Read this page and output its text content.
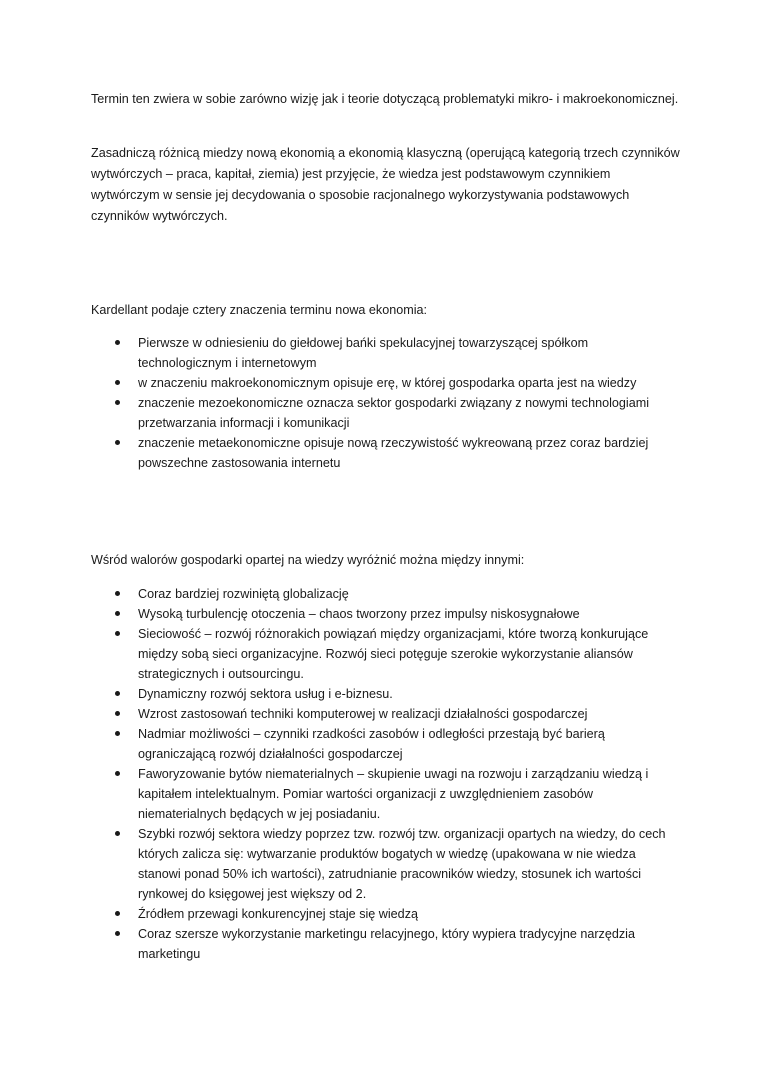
Termin ten zwiera w sobie zarówno wizję jak i teorie dotyczącą problematyki mikro- i makroekonomicznej.

Zasadniczą różnicą miedzy nową ekonomią a ekonomią klasyczną (operującą kategorią trzech czynników wytwórczych – praca, kapitał, ziemia) jest przyjęcie, że wiedza jest podstawowym czynnikiem wytwórczym w sensie jej decydowania o sposobie racjonalnego wykorzystywania podstawowych czynników wytwórczych.

Kardellant podaje cztery znaczenia terminu nowa ekonomia:

Pierwsze w odniesieniu do giełdowej bańki spekulacyjnej towarzyszącej spółkom technologicznym i internetowym
w znaczeniu makroekonomicznym opisuje erę, w której gospodarka oparta jest na wiedzy
znaczenie mezoekonomiczne oznacza sektor gospodarki związany z nowymi technologiami przetwarzania informacji i komunikacji
znaczenie metaekonomiczne opisuje nową rzeczywistość wykreowaną przez coraz bardziej powszechne zastosowania internetu

Wśród walorów gospodarki opartej na wiedzy wyróżnić można między innymi:

Coraz bardziej rozwiniętą globalizację
Wysoką turbulencję otoczenia – chaos tworzony przez impulsy niskosygnałowe
Sieciowość – rozwój różnorakich powiązań między organizacjami, które tworzą konkurujące między sobą sieci organizacyjne. Rozwój sieci potęguje szerokie wykorzystanie aliansów strategicznych i outsourcingu.
Dynamiczny rozwój sektora usług i e-biznesu.
Wzrost zastosowań techniki komputerowej w realizacji działalności gospodarczej
Nadmiar możliwości – czynniki rzadkości zasobów i odległości przestają być barierą ograniczającą rozwój działalności gospodarczej
Faworyzowanie bytów niematerialnych – skupienie uwagi na rozwoju i zarządzaniu wiedzą i kapitałem intelektualnym. Pomiar wartości organizacji z uwzględnieniem zasobów niematerialnych będących w jej posiadaniu.
Szybki rozwój sektora wiedzy poprzez tzw. rozwój tzw. organizacji opartych na wiedzy, do cech których zalicza się: wytwarzanie produktów bogatych w wiedzę (upakowana w nie wiedza stanowi ponad 50% ich wartości), zatrudnianie pracowników wiedzy, stosunek ich wartości rynkowej do księgowej jest większy od 2.
Źródłem przewagi konkurencyjnej staje się wiedzą
Coraz szersze wykorzystanie marketingu relacyjnego, który wypiera tradycyjne narzędzia marketingu
